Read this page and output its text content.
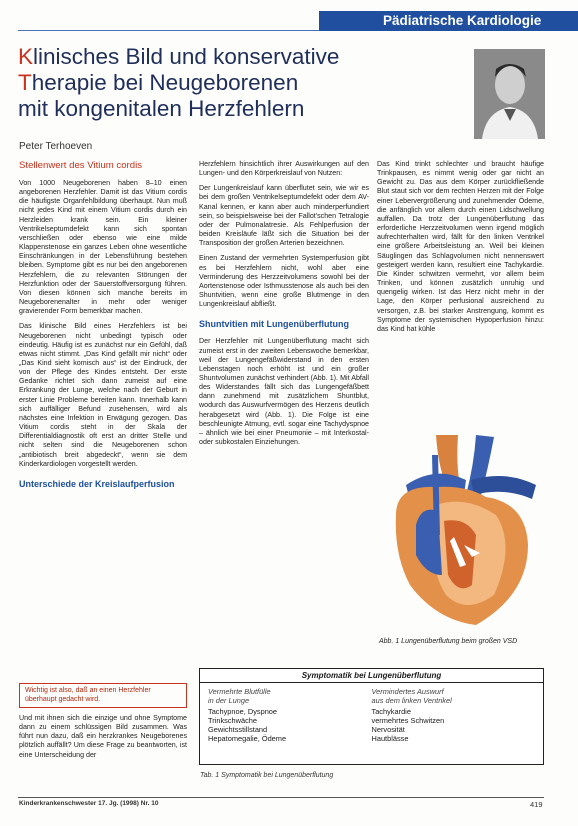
Pädiatrische Kardiologie
Klinisches Bild und konservative
Therapie bei Neugeborenen
mit kongenitalen Herzfehlern
Peter Terhoeven
Stellenwert des Vitium cordis

Von 1000 Neugeborenen haben 8–10 einen angeborenen Herzfehler. Damit ist das Vitium cordis die häufigste Organfehlbildung überhaupt. Nun muß nicht jedes Kind mit einem Vitium cordis durch ein Herzleiden krank sein. Ein kleiner Ventrikelseptumdefekt kann sich spontan verschließen oder ebenso wie eine milde Klappenstenose ein ganzes Leben ohne wesentliche Einschränkungen in der Lebensführung bestehen bleiben. Symptome gibt es nur bei den angeborenen Herzfehlern, die zu relevanten Störungen der Herzfunktion oder der Sauerstoffversorgung führen. Von diesen können sich manche bereits im Neugeborenenalter in mehr oder weniger gravierender Form bemerkbar machen.

Das klinische Bild eines Herzfehlers ist bei Neugeborenen nicht unbedingt typisch oder eindeutig. Häufig ist es zunächst nur ein Gefühl, daß etwas nicht stimmt. „Das Kind gefällt mir nicht“ oder „Das Kind sieht komisch aus“ ist der Eindruck, der von der Pflege des Kindes entsteht. Der erste Gedanke richtet sich dann zumeist auf eine Erkrankung der Lunge, welche nach der Geburt in erster Linie Probleme bereiten kann. Innerhalb kann sich auffälliger Befund zusehensen, wird als nächstes eine Infektion in Erwägung gezogen. Das Vitium cordis steht in der Skala der Differentialdiagnostik oft erst an dritter Stelle und nicht selten sind die Neugeborenen schon „antibiotisch breit abgedeckt“, wenn sie dem Kinderkardiologen vorgestellt werden.

Unterschiede der Kreislaufperfusion
Wichtig ist also, daß an einen Herzfehler überhaupt gedacht wird.

Und mit ihnen sich die einzige und ohne Symptome dann zu einem schlüssigen Bild zusammen. Was führt nun dazu, daß ein herzkrankes Neugeborenes plötzlich auffällt? Um diese Frage zu beantworten, ist eine Unterscheidung der

Herzfehlern hinsichtlich ihrer Auswirkungen auf den Lungen- und den Körperkreislauf von Nutzen:

Der Lungenkreislauf kann überflutet sein, wie wir es bei dem großen Ventrikelseptumdefekt oder dem AV-Kanal kennen, er kann aber auch minderperfundiert sein, so beispielsweise bei der Fallot'schen Tetralogie oder der Pulmonalatresie. Als Fehlperfusion der beiden Kreisläufe läßt sich die Situation bei der Transposition der großen Arterien bezeichnen.

Einen Zustand der vermehrten Systemperfusion gibt es bei Herzfehlern nicht, wohl aber eine Verminderung des Herzzeitvolumens sowohl bei der Aortenstenose oder Isthmusstenose als auch bei den Shuntvitien, wenn eine große Blutmenge in den Lungenkreislauf abfließt.

Shuntvitien mit Lungenüberflutung

Der Herzfehler mit Lungenüberflutung macht sich zumeist erst in der zweiten Lebenswoche bemerkbar, weil der Lungengefäßwiderstand in den ersten Lebenstagen noch erhöht ist und ein großer Shuntvolumen zunächst verhindert (Abb. 1). Mit Abfall des Widerstandes fällt sich das Lungengefäßbett dann zunehmend mit zusätzlichem Shuntblut, wodurch das Auswurfvermögen des Herzens deutlich herabgesetzt wird (Abb. 1). Die Folge ist eine beschleunigte Atmung, evtl. sogar eine Tachydyspnoe – ähnlich wie bei einer Pneumonie – mit Interkostal- oder subkostalen Einziehungen.

Das Kind trinkt schlechter und braucht häufige Trinkpausen, es nimmt wenig oder gar nicht an Gewicht zu. Das aus dem Körper zurückfließende Blut staut sich vor dem rechten Herzen mit der Folge einer Lebervergrößerung und zunehmender Ödeme, die anfänglich vor allem durch einen Lidschwellung auffallen. Da trotz der Lungenüberflutung das erforderliche Herzzeitvolumen wenn irgend möglich aufrechterhalten wird, fällt für den linken Ventrikel eine größere Arbeitsleistung an. Weil bei kleinen Säuglingen das Schlagvolumen nicht nennenswert gesteigert werden kann, resultiert eine Tachykardie. Die Kinder schwitzen vermehrt, vor allem beim Trinken, und können zusätzlich unruhig und quengelig wirken. Ist das Herz nicht mehr in der Lage, den Körper perfusional ausreichend zu versorgen, z.B. bei starker Anstrengung, kommt es Symptome der systemischen Hypoperfusion hinzu: das Kind hat kühle

Abb. 1 Lungenüberflutung beim großen VSD
Symptomatik bei Lungenüberflutung
Vermehrte Blutfülle
in der Lunge
Tachypnoe, Dyspnoe
Trinkschwäche
Gewichtsstillstand
Hepatomegalie, Ödeme
Vermindertes Auswurf
aus dem linken Ventrikel
Tachykardie
vermehrtes Schwitzen
Nervosität
Hautblässe
Tab. 1 Symptomatik bei Lungenüberflutung
Kinderkrankenschwester 17. Jg. (1998) Nr. 10	419
